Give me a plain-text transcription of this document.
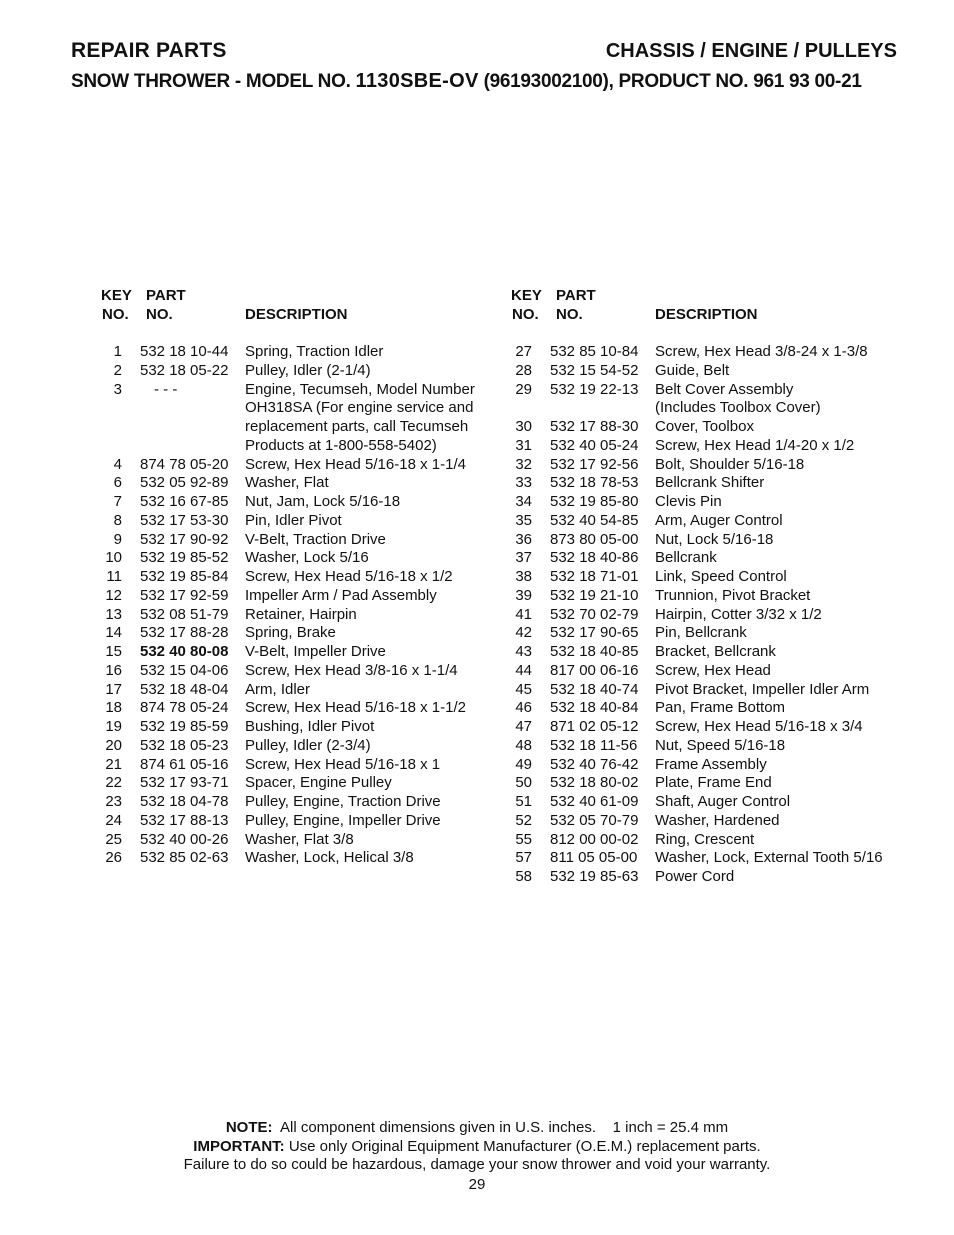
REPAIR PARTS	CHASSIS / ENGINE / PULLEYS
SNOW THROWER - MODEL NO. 1130SBE-OV (96193002100), PRODUCT NO. 961 93 00-21
KEY
NO.
PART
NO.	DESCRIPTION
1	532 18 10-44 Spring, Traction Idler
2	532 18 05-22 Pulley, Idler (2-1/4)
3	- - -	Engine, Tecumseh, Model Number
OH318SA (For engine service and
replacement parts, call Tecumseh
Products at 1-800-558-5402)
4	874 78 05-20 Screw, Hex Head 5/16-18 x 1-1/4
6	532 05 92-89 Washer, Flat
7	532 16 67-85 Nut, Jam, Lock 5/16-18
8	532 17 53-30 Pin, Idler Pivot
9	532 17 90-92 V-Belt, Traction Drive
10	532 19 85-52 Washer, Lock 5/16
11	532 19 85-84 Screw, Hex Head 5/16-18 x 1/2
12	532 17 92-59 Impeller Arm / Pad Assembly
13	532 08 51-79 Retainer, Hairpin
14	532 17 88-28 Spring, Brake
15	532 40 80-08 V-Belt, Impeller Drive
16	532 15 04-06 Screw, Hex Head 3/8-16 x 1-1/4
17	532 18 48-04 Arm, Idler
18	874 78 05-24 Screw, Hex Head 5/16-18 x 1-1/2
19	532 19 85-59 Bushing, Idler Pivot
20	532 18 05-23 Pulley, Idler (2-3/4)
21	874 61 05-16 Screw, Hex Head 5/16-18 x 1
22	532 17 93-71 Spacer, Engine Pulley
23	532 18 04-78 Pulley, Engine, Traction Drive
24	532 17 88-13 Pulley, Engine, Impeller Drive
25	532 40 00-26 Washer, Flat 3/8
26	532 85 02-63 Washer, Lock, Helical 3/8
KEY
NO.
PART
NO.	DESCRIPTION
27	532 85 10-84 Screw, Hex Head 3/8-24 x 1-3/8
28	532 15 54-52 Guide, Belt
29	532 19 22-13 Belt Cover Assembly
(Includes Toolbox Cover)
30	532 17 88-30 Cover, Toolbox
31	532 40 05-24 Screw, Hex Head 1/4-20 x 1/2
32	532 17 92-56 Bolt, Shoulder 5/16-18
33	532 18 78-53 Bellcrank Shifter
34	532 19 85-80 Clevis Pin
35	532 40 54-85 Arm, Auger Control
36	873 80 05-00 Nut, Lock 5/16-18
37	532 18 40-86 Bellcrank
38	532 18 71-01 Link, Speed Control
39	532 19 21-10 Trunnion, Pivot Bracket
41	532 70 02-79 Hairpin, Cotter 3/32 x 1/2
42	532 17 90-65 Pin, Bellcrank
43	532 18 40-85 Bracket, Bellcrank
44	817 00 06-16 Screw, Hex Head
45	532 18 40-74 Pivot Bracket, Impeller Idler Arm
46	532 18 40-84 Pan, Frame Bottom
47	871 02 05-12 Screw, Hex Head 5/16-18 x 3/4
48	532 18 11-56 Nut, Speed 5/16-18
49	532 40 76-42 Frame Assembly
50	532 18 80-02 Plate, Frame End
51	532 40 61-09 Shaft, Auger Control
52	532 05 70-79 Washer, Hardened
55	812 00 00-02 Ring, Crescent
57	811 05 05-00 Washer, Lock, External Tooth 5/16
58	532 19 85-63 Power Cord
NOTE:  All component dimensions given in U.S. inches.    1 inch = 25.4 mm
IMPORTANT: Use only Original Equipment Manufacturer (O.E.M.) replacement parts.
Failure to do so could be hazardous, damage your snow thrower and void your warranty.
29
